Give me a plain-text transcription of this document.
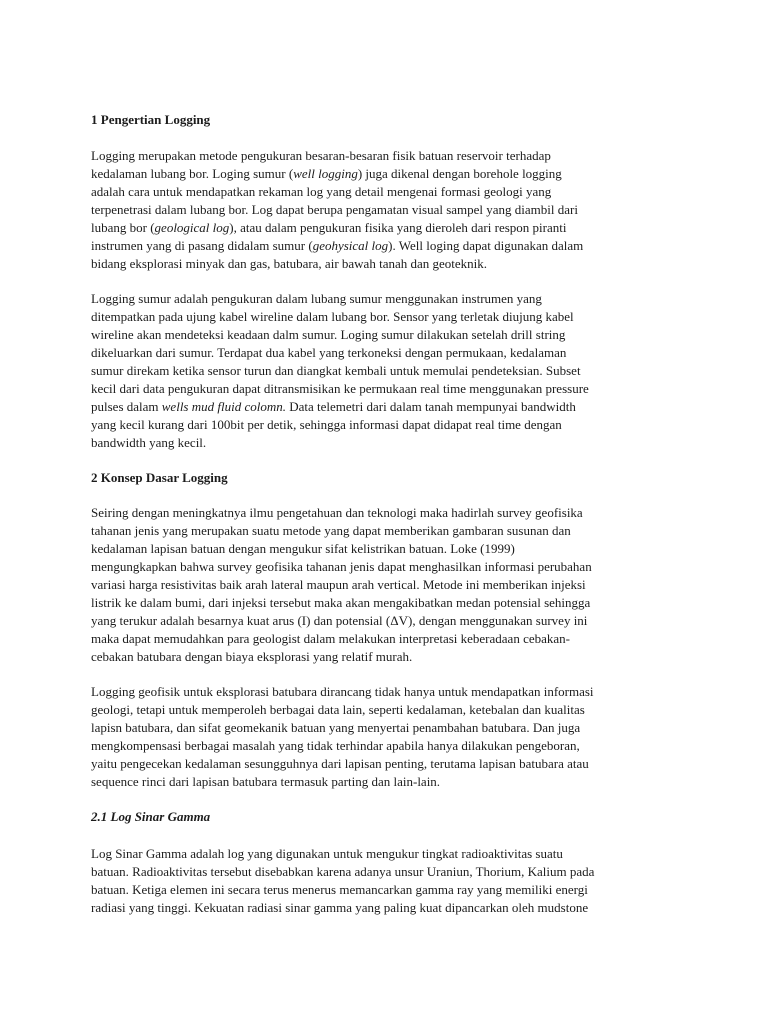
1 Pengertian Logging
Logging merupakan metode pengukuran besaran-besaran fisik batuan reservoir terhadap
kedalaman lubang bor. Loging sumur (well logging) juga dikenal dengan borehole logging
adalah cara untuk mendapatkan rekaman log yang detail mengenai formasi geologi yang
terpenetrasi dalam lubang bor. Log dapat berupa pengamatan visual sampel yang diambil dari
lubang bor (geological log), atau dalam pengukuran fisika yang dieroleh dari respon piranti
instrumen yang di pasang didalam sumur (geohysical log). Well loging dapat digunakan dalam
bidang eksplorasi minyak dan gas, batubara, air bawah tanah dan geoteknik.
Logging sumur adalah pengukuran dalam lubang sumur menggunakan instrumen yang
ditempatkan pada ujung kabel wireline dalam lubang bor. Sensor yang terletak diujung kabel
wireline akan mendeteksi keadaan dalm sumur. Loging sumur dilakukan setelah drill string
dikeluarkan dari sumur. Terdapat dua kabel yang terkoneksi dengan permukaan, kedalaman
sumur direkam ketika sensor turun dan diangkat kembali untuk memulai pendeteksian. Subset
kecil dari data pengukuran dapat ditransmisikan ke permukaan real time menggunakan pressure
pulses dalam wells mud fluid colomn. Data telemetri dari dalam tanah mempunyai bandwidth
yang kecil kurang dari 100bit per detik, sehingga informasi dapat didapat real time dengan
bandwidth yang kecil.
2 Konsep Dasar Logging
Seiring dengan meningkatnya ilmu pengetahuan dan teknologi maka hadirlah survey geofisika
tahanan jenis yang merupakan suatu metode yang dapat memberikan gambaran susunan dan
kedalaman lapisan batuan dengan mengukur sifat kelistrikan batuan. Loke (1999)
mengungkapkan bahwa survey geofisika tahanan jenis dapat menghasilkan informasi perubahan
variasi harga resistivitas baik arah lateral maupun arah vertical. Metode ini memberikan injeksi
listrik ke dalam bumi, dari injeksi tersebut maka akan mengakibatkan medan potensial sehingga
yang terukur adalah besarnya kuat arus (I) dan potensial (ΔV), dengan menggunakan survey ini
maka dapat memudahkan para geologist dalam melakukan interpretasi keberadaan cebakan-
cebakan batubara dengan biaya eksplorasi yang relatif murah.
Logging geofisik untuk eksplorasi batubara dirancang tidak hanya untuk mendapatkan informasi
geologi, tetapi untuk memperoleh berbagai data lain, seperti kedalaman, ketebalan dan kualitas
lapisn batubara, dan sifat geomekanik batuan yang menyertai penambahan batubara. Dan juga
mengkompensasi berbagai masalah yang tidak terhindar apabila hanya dilakukan pengeboran,
yaitu pengecekan kedalaman sesungguhnya dari lapisan penting, terutama lapisan batubara atau
sequence rinci dari lapisan batubara termasuk parting dan lain-lain.
2.1 Log Sinar Gamma
Log Sinar Gamma adalah log yang digunakan untuk mengukur tingkat radioaktivitas suatu
batuan. Radioaktivitas tersebut disebabkan karena adanya unsur Uraniun, Thorium, Kalium pada
batuan. Ketiga elemen ini secara terus menerus memancarkan gamma ray yang memiliki energi
radiasi yang tinggi. Kekuatan radiasi sinar gamma yang paling kuat dipancarkan oleh mudstone
